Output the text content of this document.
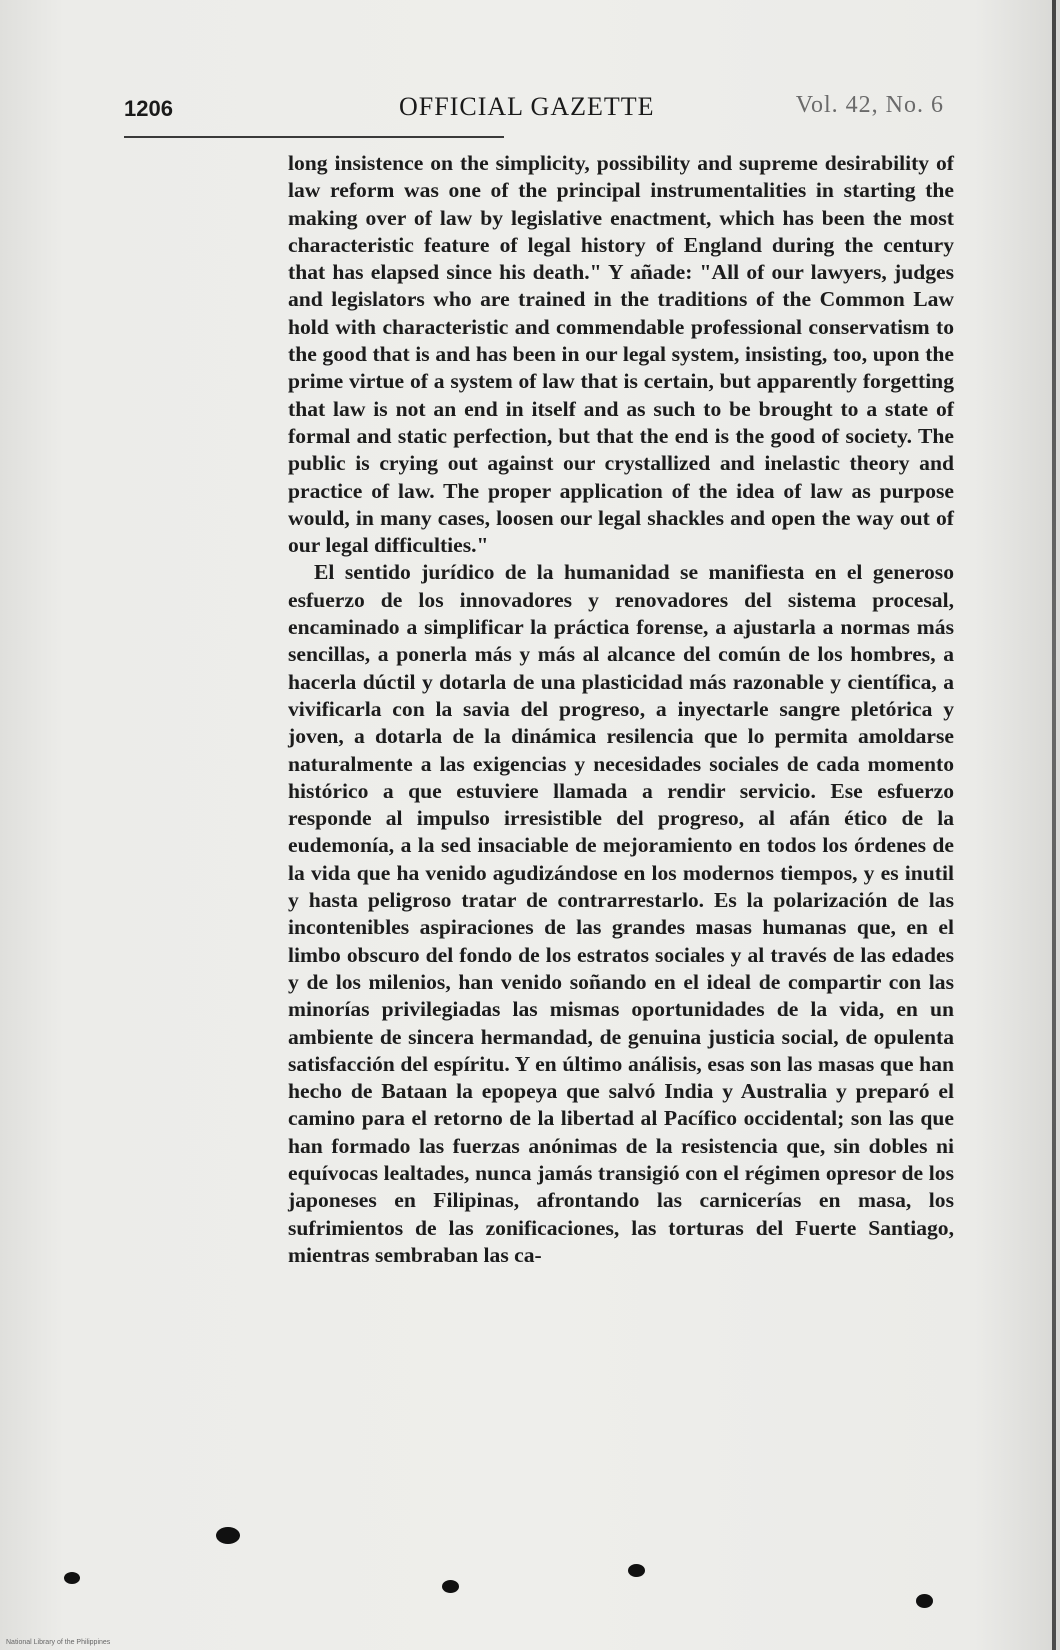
1206	OFFICIAL GAZETTE	Vol. 42, No. 6

long insistence on the simplicity, possibility and supreme desirability of law reform was one of the principal instrumentalities in starting the making over of law by legislative enactment, which has been the most characteristic feature of legal history of England during the century that has elapsed since his death." Y añade: "All of our lawyers, judges and legislators who are trained in the traditions of the Common Law hold with characteristic and commendable professional conservatism to the good that is and has been in our legal system, insisting, too, upon the prime virtue of a system of law that is certain, but apparently forgetting that law is not an end in itself and as such to be brought to a state of formal and static perfection, but that the end is the good of society. The public is crying out against our crystallized and inelastic theory and practice of law. The proper application of the idea of law as purpose would, in many cases, loosen our legal shackles and open the way out of our legal difficulties."

El sentido jurídico de la humanidad se manifiesta en el generoso esfuerzo de los innovadores y renovadores del sistema procesal, encaminado a simplificar la práctica forense, a ajustarla a normas más sencillas, a ponerla más y más al alcance del común de los hombres, a hacerla dúctil y dotarla de una plasticidad más razonable y científica, a vivificarla con la savia del progreso, a inyectarle sangre pletórica y joven, a dotarla de la dinámica resilencia que lo permita amoldarse naturalmente a las exigencias y necesidades sociales de cada momento histórico a que estuviere llamada a rendir servicio. Ese esfuerzo responde al impulso irresistible del progreso, al afán ético de la eudemonía, a la sed insaciable de mejoramiento en todos los órdenes de la vida que ha venido agudizándose en los modernos tiempos, y es inutil y hasta peligroso tratar de contrarrestarlo. Es la polarización de las incontenibles aspiraciones de las grandes masas humanas que, en el limbo obscuro del fondo de los estratos sociales y al través de las edades y de los milenios, han venido soñando en el ideal de compartir con las minorías privilegiadas las mismas oportunidades de la vida, en un ambiente de sincera hermandad, de genuina justicia social, de opulenta satisfacción del espíritu. Y en último análisis, esas son las masas que han hecho de Bataan la epopeya que salvó India y Australia y preparó el camino para el retorno de la libertad al Pacífico occidental; son las que han formado las fuerzas anónimas de la resistencia que, sin dobles ni equívocas lealtades, nunca jamás transigió con el régimen opresor de los japoneses en Filipinas, afrontando las carnicerías en masa, los sufrimientos de las zonificaciones, las torturas del Fuerte Santiago, mientras sembraban las ca-

National Library of the Philippines
